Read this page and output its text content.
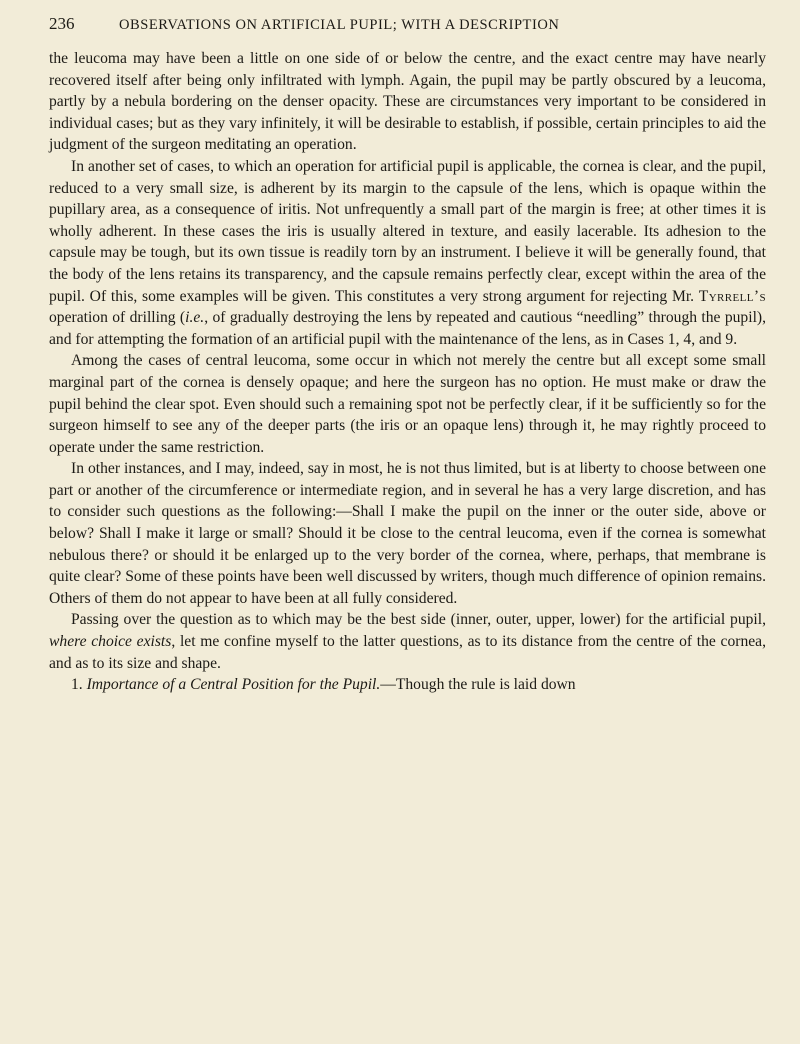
236	OBSERVATIONS ON ARTIFICIAL PUPIL; WITH A DESCRIPTION

the leucoma may have been a little on one side of or below the centre, and the exact centre may have nearly recovered itself after being only infiltrated with lymph. Again, the pupil may be partly obscured by a leucoma, partly by a nebula bordering on the denser opacity. These are circumstances very important to be considered in individual cases; but as they vary infinitely, it will be desirable to establish, if possible, certain principles to aid the judgment of the surgeon meditating an operation.

In another set of cases, to which an operation for artificial pupil is applicable, the cornea is clear, and the pupil, reduced to a very small size, is adherent by its margin to the capsule of the lens, which is opaque within the pupillary area, as a consequence of iritis. Not unfrequently a small part of the margin is free; at other times it is wholly adherent. In these cases the iris is usually altered in texture, and easily lacerable. Its adhesion to the capsule may be tough, but its own tissue is readily torn by an instrument. I believe it will be generally found, that the body of the lens retains its transparency, and the capsule remains perfectly clear, except within the area of the pupil. Of this, some examples will be given. This constitutes a very strong argument for rejecting Mr. Tyrrell’s operation of drilling (i.e., of gradually destroying the lens by repeated and cautious “needling” through the pupil), and for attempting the formation of an artificial pupil with the maintenance of the lens, as in Cases 1, 4, and 9.

Among the cases of central leucoma, some occur in which not merely the centre but all except some small marginal part of the cornea is densely opaque; and here the surgeon has no option. He must make or draw the pupil behind the clear spot. Even should such a remaining spot not be perfectly clear, if it be sufficiently so for the surgeon himself to see any of the deeper parts (the iris or an opaque lens) through it, he may rightly proceed to operate under the same restriction.

In other instances, and I may, indeed, say in most, he is not thus limited, but is at liberty to choose between one part or another of the circumference or intermediate region, and in several he has a very large discretion, and has to consider such questions as the following:—Shall I make the pupil on the inner or the outer side, above or below? Shall I make it large or small? Should it be close to the central leucoma, even if the cornea is somewhat nebulous there? or should it be enlarged up to the very border of the cornea, where, perhaps, that membrane is quite clear? Some of these points have been well discussed by writers, though much difference of opinion remains. Others of them do not appear to have been at all fully considered.

Passing over the question as to which may be the best side (inner, outer, upper, lower) for the artificial pupil, where choice exists, let me confine myself to the latter questions, as to its distance from the centre of the cornea, and as to its size and shape.

1. Importance of a Central Position for the Pupil.—Though the rule is laid down
